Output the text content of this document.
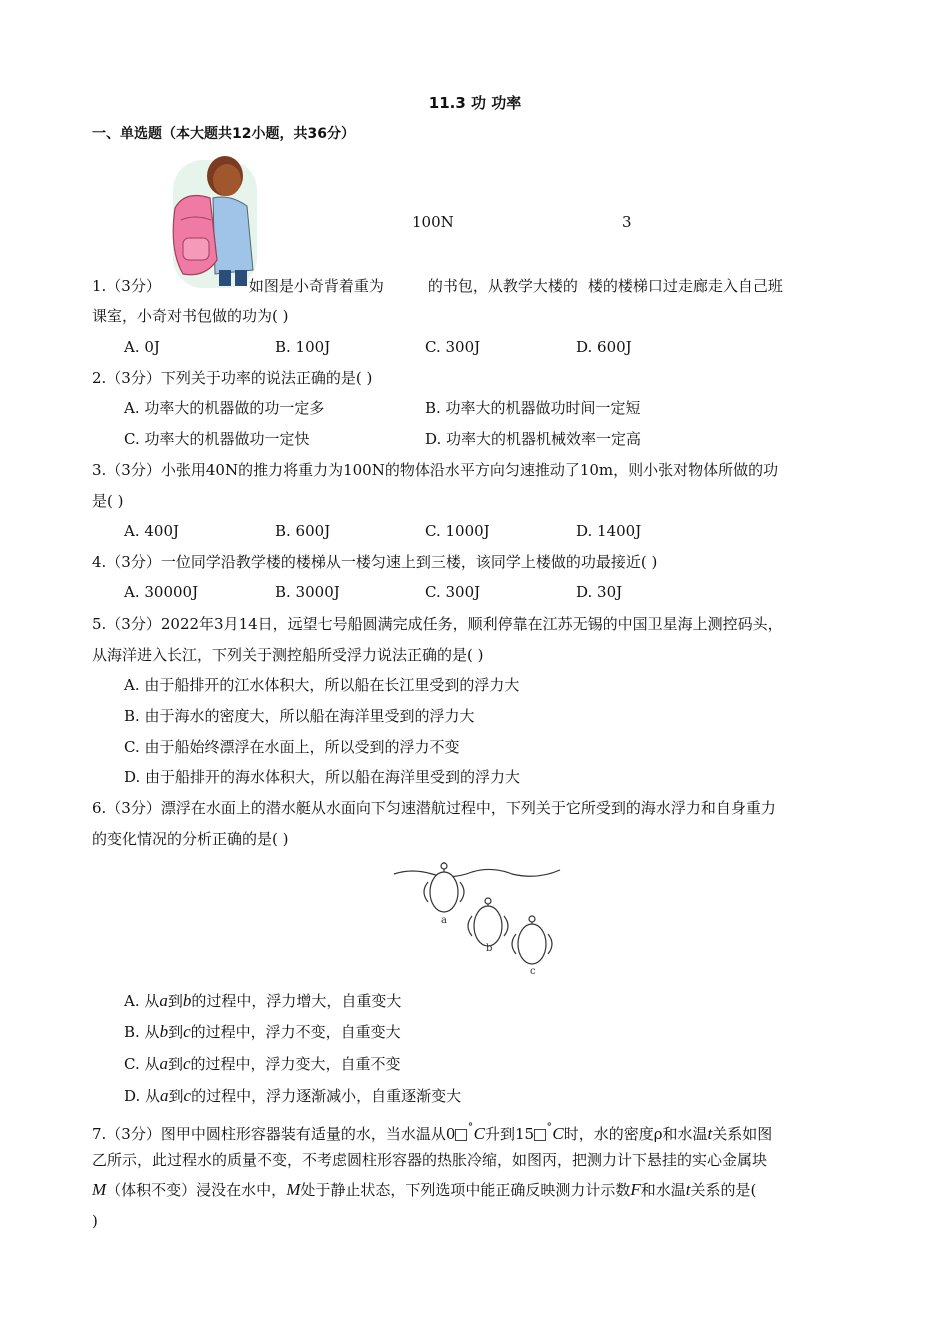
11.3 功 功率
一、单选题（本大题共12小题，共36分）
100N	3
1.（3分）	如图是小奇背着重为	的书包，从教学大楼的 楼的楼梯口过走廊走入自己班
课室，小奇对书包做的功为( )
A. 0J	B. 100J	C. 300J	D. 600J
2.（3分）下列关于功率的说法正确的是( )
A. 功率大的机器做的功一定多	B. 功率大的机器做功时间一定短
C. 功率大的机器做功一定快	D. 功率大的机器机械效率一定高
3.（3分）小张用40N的推力将重力为100N的物体沿水平方向匀速推动了10m，则小张对物体所做的功
是( )
A. 400J	B. 600J	C. 1000J	D. 1400J
4.（3分）一位同学沿教学楼的楼梯从一楼匀速上到三楼，该同学上楼做的功最接近( )
A. 30000J	B. 3000J	C. 300J	D. 30J
5.（3分）2022年3月14日，远望七号船圆满完成任务，顺利停靠在江苏无锡的中国卫星海上测控码头，
从海洋进入长江，下列关于测控船所受浮力说法正确的是( )
A. 由于船排开的江水体积大，所以船在长江里受到的浮力大
B. 由于海水的密度大，所以船在海洋里受到的浮力大
C. 由于船始终漂浮在水面上，所以受到的浮力不变
D. 由于船排开的海水体积大，所以船在海洋里受到的浮力大
6.（3分）漂浮在水面上的潜水艇从水面向下匀速潜航过程中，下列关于它所受到的海水浮力和自身重力
的变化情况的分析正确的是( )
a
b
c
A. 从a到b的过程中，浮力增大，自重变大
B. 从b到c的过程中，浮力不变，自重变大
C. 从a到c的过程中，浮力变大，自重不变
D. 从a到c的过程中，浮力逐渐减小，自重逐渐变大
7.（3分）图甲中圆柱形容器装有适量的水，当水温从0 ˚C升到15 ˚C时，水的密度ρ和水温t关系如图
乙所示，此过程水的质量不变，不考虑圆柱形容器的热胀冷缩，如图丙，把测力计下悬挂的实心金属块
M（体积不变）浸没在水中，M处于静止状态，下列选项中能正确反映测力计示数F和水温t关系的是(
)
